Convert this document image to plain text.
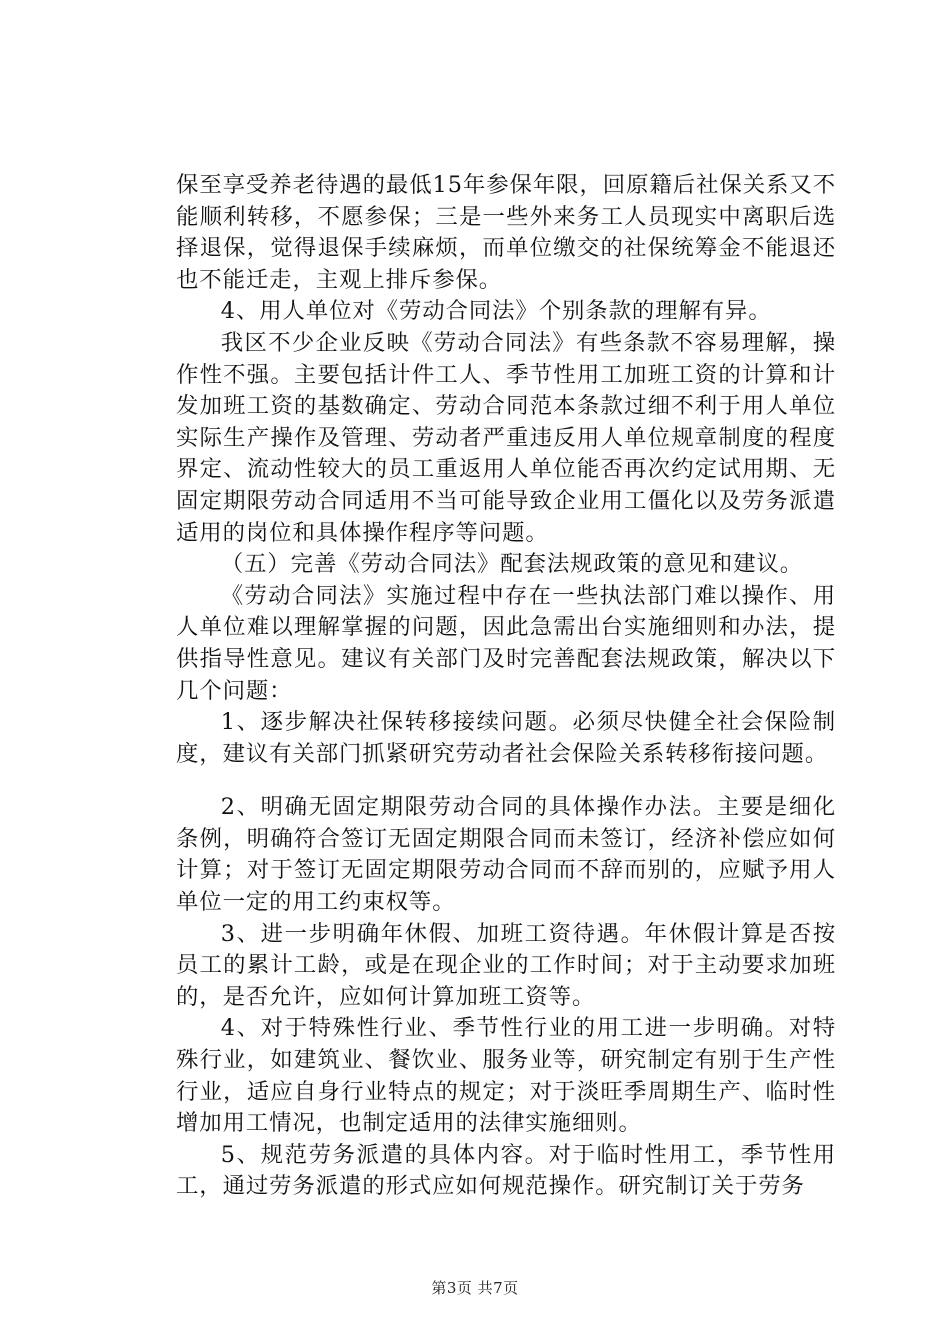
保至享受养老待遇的最低15年参保年限，回原籍后社保关系又不能顺利转移，不愿参保；三是一些外来务工人员现实中离职后选择退保，觉得退保手续麻烦，而单位缴交的社保统筹金不能退还也不能迁走，主观上排斥参保。

4、用人单位对《劳动合同法》个别条款的理解有异。

我区不少企业反映《劳动合同法》有些条款不容易理解，操作性不强。主要包括计件工人、季节性用工加班工资的计算和计发加班工资的基数确定、劳动合同范本条款过细不利于用人单位实际生产操作及管理、劳动者严重违反用人单位规章制度的程度界定、流动性较大的员工重返用人单位能否再次约定试用期、无固定期限劳动合同适用不当可能导致企业用工僵化以及劳务派遣适用的岗位和具体操作程序等问题。

（五）完善《劳动合同法》配套法规政策的意见和建议。

《劳动合同法》实施过程中存在一些执法部门难以操作、用人单位难以理解掌握的问题，因此急需出台实施细则和办法，提供指导性意见。建议有关部门及时完善配套法规政策，解决以下几个问题：

1、逐步解决社保转移接续问题。必须尽快健全社会保险制度，建议有关部门抓紧研究劳动者社会保险关系转移衔接问题。

2、明确无固定期限劳动合同的具体操作办法。主要是细化条例，明确符合签订无固定期限合同而未签订，经济补偿应如何计算；对于签订无固定期限劳动合同而不辞而别的，应赋予用人单位一定的用工约束权等。

3、进一步明确年休假、加班工资待遇。年休假计算是否按员工的累计工龄，或是在现企业的工作时间；对于主动要求加班的，是否允许，应如何计算加班工资等。

4、对于特殊性行业、季节性行业的用工进一步明确。对特殊行业，如建筑业、餐饮业、服务业等，研究制定有别于生产性行业，适应自身行业特点的规定；对于淡旺季周期生产、临时性增加用工情况，也制定适用的法律实施细则。

5、规范劳务派遣的具体内容。对于临时性用工，季节性用工，通过劳务派遣的形式应如何规范操作。研究制订关于劳务

第3页 共7页
